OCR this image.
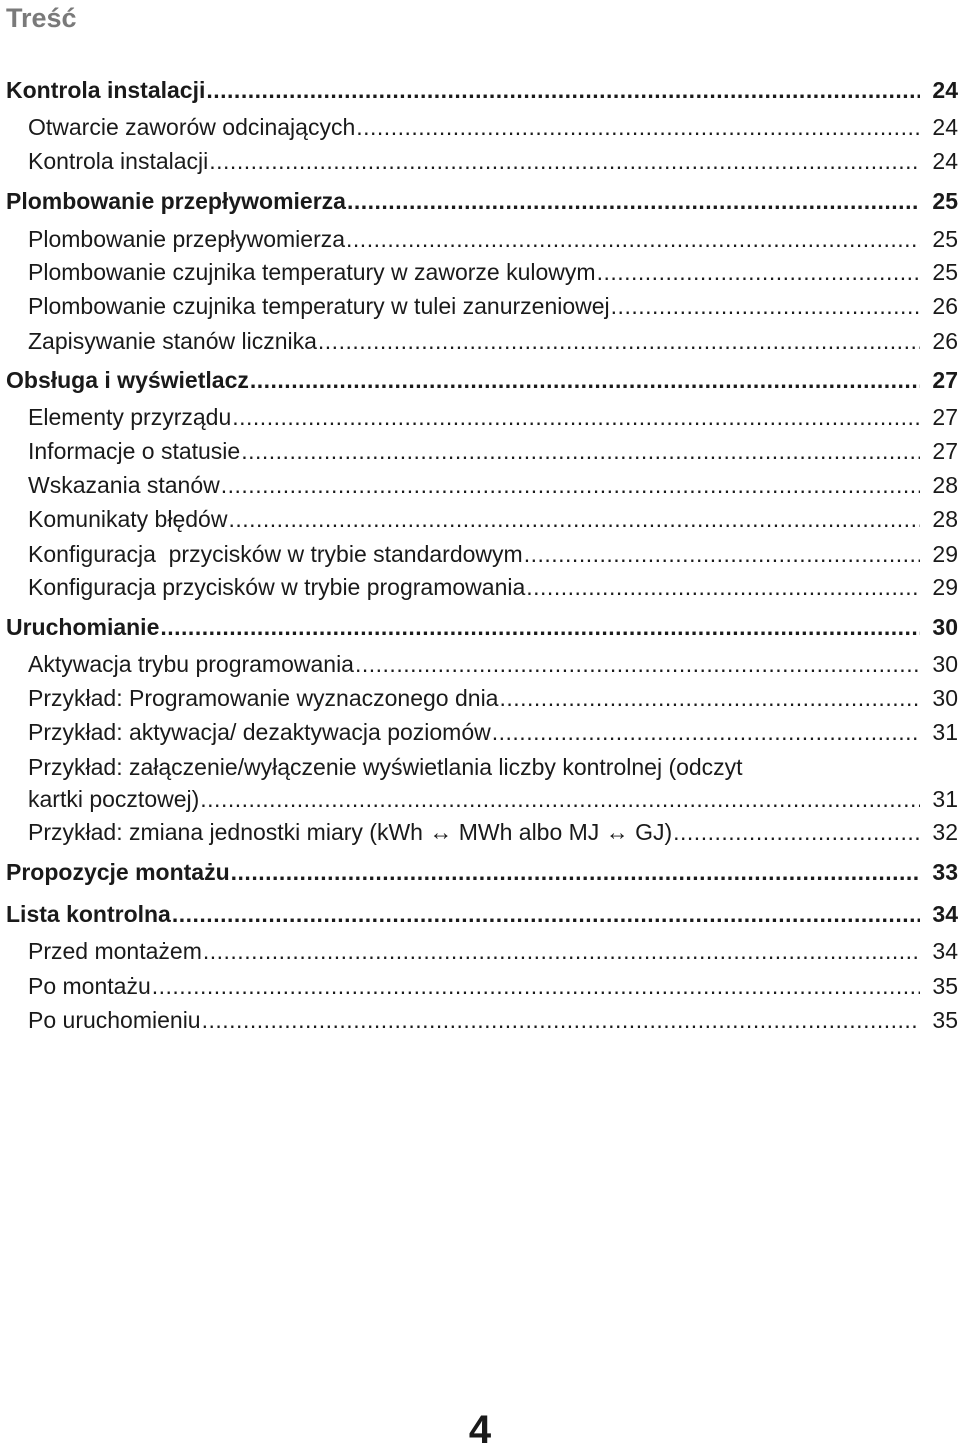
Treść
Kontrola instalacji .....	24
Otwarcie zaworów odcinających .....	24
Kontrola instalacji .....	24
Plombowanie przepływomierza .....	25
Plombowanie przepływomierza .....	25
Plombowanie czujnika temperatury w zaworze kulowym .....	25
Plombowanie czujnika temperatury w tulei zanurzeniowej .....	26
Zapisywanie stanów licznika .....	26
Obsługa i wyświetlacz .....	27
Elementy przyrządu .....	27
Informacje o statusie .....	27
Wskazania stanów .....	28
Komunikaty błędów .....	28
Konfiguracja  przycisków w trybie standardowym .....	29
Konfiguracja przycisków w trybie programowania .....	29
Uruchomianie .....	30
Aktywacja trybu programowania .....	30
Przykład: Programowanie wyznaczonego dnia .....	30
Przykład: aktywacja/ dezaktywacja poziomów .....	31
Przykład: załączenie/wyłączenie wyświetlania liczby kontrolnej (odczyt
kartki pocztowej) .....	31
Przykład: zmiana jednostki miary (kWh ↔ MWh albo MJ ↔ GJ) .....	32
Propozycje montażu .....	33
Lista kontrolna .....	34
Przed montażem .....	34
Po montażu .....	35
Po uruchomieniu .....	35
4
